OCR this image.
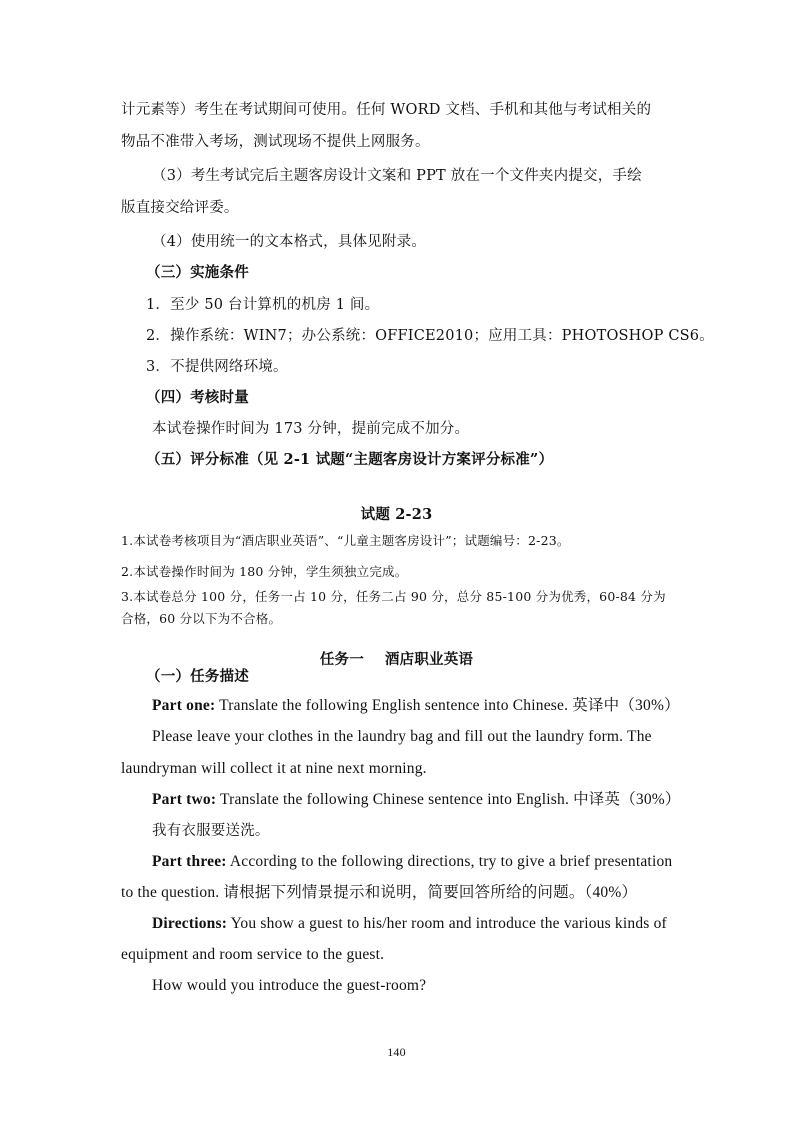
计元素等）考生在考试期间可使用。任何 WORD 文档、手机和其他与考试相关的
物品不准带入考场，测试现场不提供上网服务。
（3）考生考试完后主题客房设计文案和 PPT 放在一个文件夹内提交，手绘
版直接交给评委。
（4）使用统一的文本格式，具体见附录。
（三）实施条件
1．至少 50 台计算机的机房 1 间。
2．操作系统：WIN7；办公系统：OFFICE2010；应用工具：PHOTOSHOP CS6。
3．不提供网络环境。
（四）考核时量
本试卷操作时间为 173 分钟，提前完成不加分。
（五）评分标准（见 2-1 试题“主题客房设计方案评分标准”）
试题 2-23
1.本试卷考核项目为“酒店职业英语”、“儿童主题客房设计”；试题编号：2-23。
2.本试卷操作时间为 180 分钟，学生须独立完成。
3.本试卷总分 100 分，任务一占 10 分，任务二占 90 分，总分 85-100 分为优秀，60-84 分为
合格，60 分以下为不合格。
任务一    酒店职业英语
（一）任务描述
Part one: Translate the following English sentence into Chinese. 英译中（30%）
Please leave your clothes in the laundry bag and fill out the laundry form. The
laundryman will collect it at nine next morning.
Part two: Translate the following Chinese sentence into English. 中译英（30%）
我有衣服要送洗。
Part three: According to the following directions, try to give a brief presentation
to the question. 请根据下列情景提示和说明，简要回答所给的问题。（40%）
Directions: You show a guest to his/her room and introduce the various kinds of
equipment and room service to the guest.
How would you introduce the guest-room?
140
